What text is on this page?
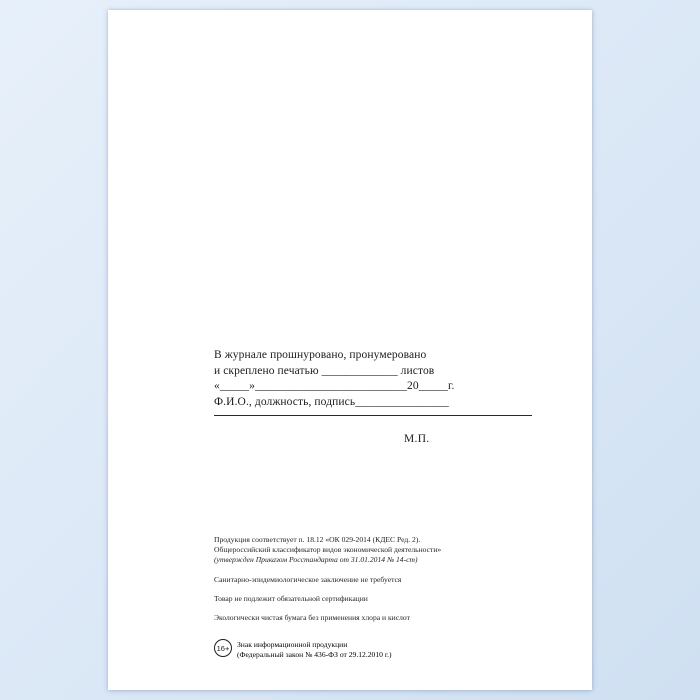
В журнале прошнуровано, пронумеровано
и скреплено печатью _____________ листов
«_____»__________________________20_____г.
Ф.И.О., должность, подпись________________
М.П.
Продукция соответствует п. 18.12 «ОК 029-2014 (КДЕС Ред. 2).
Общероссийский классификатор видов экономической деятельности»
(утвержден Приказом Росстандарта от 31.01.2014 № 14-ст)
Санитарно-эпидемиологическое заключение не требуется
Товар не подлежит обязательной сертификации
Экологически чистая бумага без применения хлора и кислот
16+	Знак информационной продукции
(Федеральный закон № 436-ФЗ от 29.12.2010 г.)
